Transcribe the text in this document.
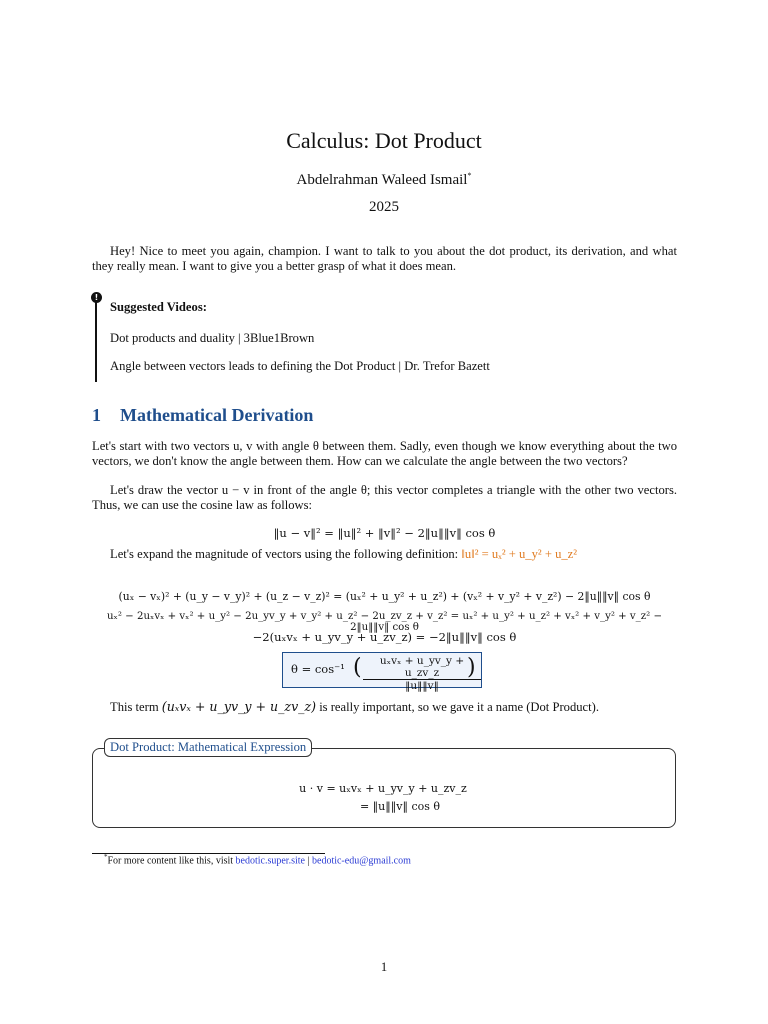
Calculus: Dot Product
Abdelrahman Waleed Ismail*
2025
Hey! Nice to meet you again, champion. I want to talk to you about the dot product, its derivation, and what they really mean. I want to give you a better grasp of what it does mean.
!
Suggested Videos:
Dot products and duality | 3Blue1Brown
Angle between vectors leads to defining the Dot Product | Dr. Trefor Bazett
1 Mathematical Derivation
Let's start with two vectors u, v with angle θ between them. Sadly, even though we know everything about the two vectors, we don't know the angle between them. How can we calculate the angle between the two vectors?
Let's draw the vector u − v in front of the angle θ; this vector completes a triangle with the other two vectors. Thus, we can use the cosine law as follows:
‖u − v‖² = ‖u‖² + ‖v‖² − 2‖u‖‖v‖ cos θ
Let's expand the magnitude of vectors using the following definition: ‖u‖² = uₓ² + u_y² + u_z²
(uₓ − vₓ)² + (u_y − v_y)² + (u_z − v_z)² = (uₓ² + u_y² + u_z²) + (vₓ² + v_y² + v_z²) − 2‖u‖‖v‖ cos θ
uₓ² − 2uₓvₓ + vₓ² + u_y² − 2u_yv_y + v_y² + u_z² − 2u_zv_z + v_z² = uₓ² + u_y² + u_z² + vₓ² + v_y² + v_z² − 2‖u‖‖v‖ cos θ
−2(uₓvₓ + u_yv_y + u_zv_z) = −2‖u‖‖v‖ cos θ
θ = cos⁻¹ (	uₓvₓ + u_yv_y + u_zv_z
‖u‖‖v‖
)
This term (uₓvₓ + u_yv_y + u_zv_z) is really important, so we gave it a name (Dot Product).
Dot Product: Mathematical Expression
u · v = uₓvₓ + u_yv_y + u_zv_z
= ‖u‖‖v‖ cos θ
*For more content like this, visit bedotic.super.site | bedotic-edu@gmail.com
1
